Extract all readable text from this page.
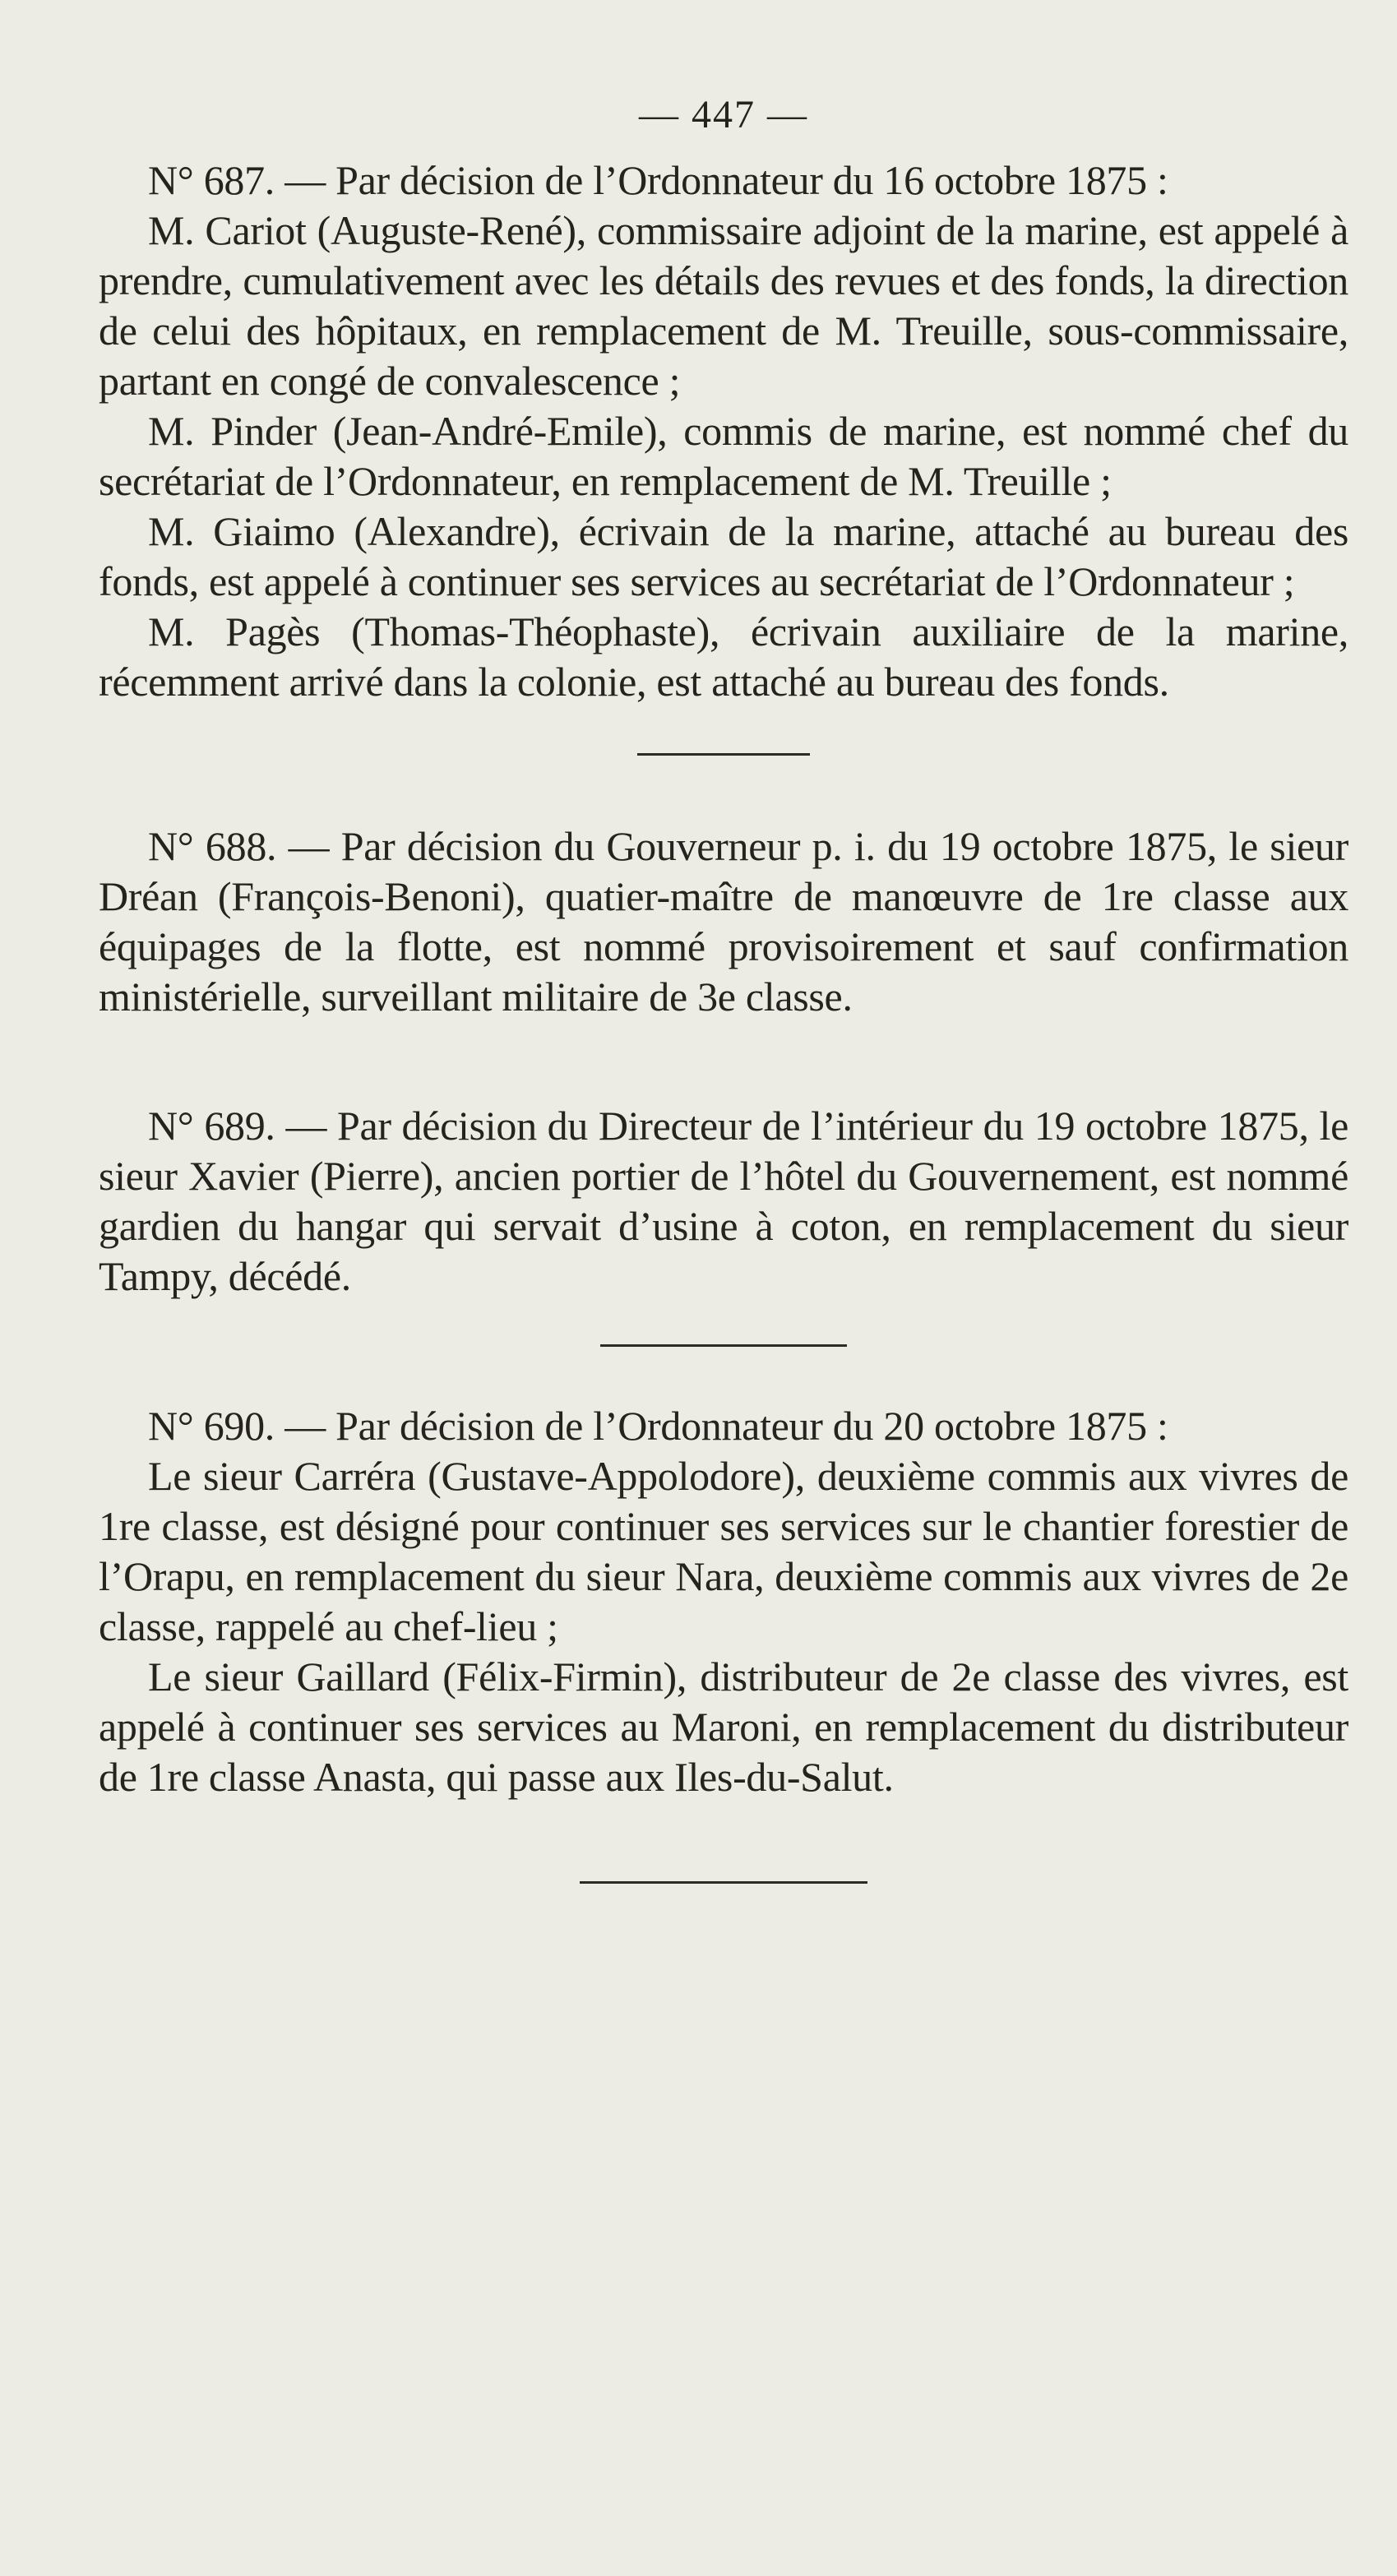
— 447 —

N° 687. — Par décision de l’Ordonnateur du 16 octobre 1875 :

M. Cariot (Auguste-René), commissaire adjoint de la marine, est appelé à prendre, cumulativement avec les détails des revues et des fonds, la direction de celui des hôpitaux, en remplacement de M. Treuille, sous-commissaire, partant en congé de convalescence ;

M. Pinder (Jean-André-Emile), commis de marine, est nommé chef du secrétariat de l’Ordonnateur, en remplacement de M. Treuille ;

M. Giaimo (Alexandre), écrivain de la marine, attaché au bureau des fonds, est appelé à continuer ses services au secrétariat de l’Ordonnateur ;

M. Pagès (Thomas-Théophaste), écrivain auxiliaire de la marine, récemment arrivé dans la colonie, est attaché au bureau des fonds.

N° 688. — Par décision du Gouverneur p. i. du 19 octobre 1875, le sieur Dréan (François-Benoni), quatier-maître de manœuvre de 1re classe aux équipages de la flotte, est nommé provisoirement et sauf confirmation ministérielle, surveillant militaire de 3e classe.

N° 689. — Par décision du Directeur de l’intérieur du 19 octobre 1875, le sieur Xavier (Pierre), ancien portier de l’hôtel du Gouvernement, est nommé gardien du hangar qui servait d’usine à coton, en remplacement du sieur Tampy, décédé.

N° 690. — Par décision de l’Ordonnateur du 20 octobre 1875 :

Le sieur Carréra (Gustave-Appolodore), deuxième commis aux vivres de 1re classe, est désigné pour continuer ses services sur le chantier forestier de l’Orapu, en remplacement du sieur Nara, deuxième commis aux vivres de 2e classe, rappelé au chef-lieu ;

Le sieur Gaillard (Félix-Firmin), distributeur de 2e classe des vivres, est appelé à continuer ses services au Maroni, en remplacement du distributeur de 1re classe Anasta, qui passe aux Iles-du-Salut.
